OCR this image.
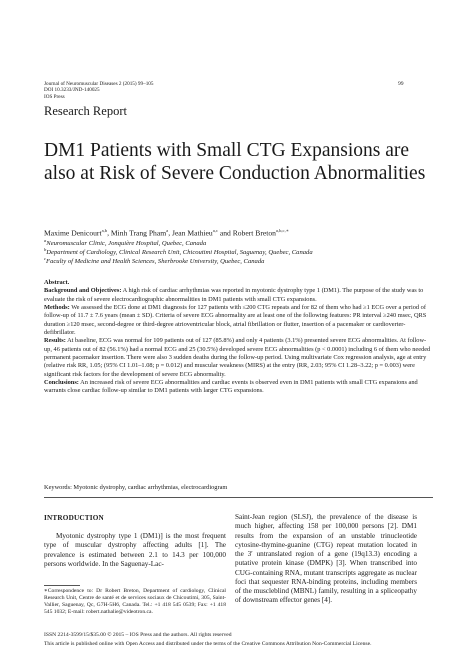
Journal of Neuromuscular Diseases 2 (2015) 99–105
DOI 10.3233/JND-140025
IOS Press
99
Research Report
DM1 Patients with Small CTG Expansions are also at Risk of Severe Conduction Abnormalities
Maxime Denicourt$^{a,b}$, Minh Trang Pham$^a$, Jean Mathieu$^{a,c}$ and Robert Breton$^{a,b,c,∗}$
$^a$Neuromuscular Clinic, Jonquière Hospital, Quebec, Canada
$^b$Department of Cardiology, Clinical Research Unit, Chicoutimi Hospital, Saguenay, Quebec, Canada
$^c$Faculty of Medicine and Health Sciences, Sherbrooke University, Quebec, Canada

Abstract.

Background and Objectives: A high risk of cardiac arrhythmias was reported in myotonic dystrophy type 1 (DM1). The purpose of the study was to evaluate the risk of severe electrocardiographic abnormalities in DM1 patients with small CTG expansions.

Methods: We assessed the ECG done at DM1 diagnosis for 127 patients with ≤200 CTG repeats and for 82 of them who had ≥1 ECG over a period of follow-up of 11.7 ± 7.6 years (mean ± SD). Criteria of severe ECG abnormality are at least one of the following features: PR interval ≥240 msec, QRS duration ≥120 msec, second-degree or third-degree atrioventricular block, atrial fibrillation or flutter, insertion of a pacemaker or cardioverter-defibrillator.

Results: At baseline, ECG was normal for 109 patients out of 127 (85.8%) and only 4 patients (3.1%) presented severe ECG abnormalities. At follow-up, 46 patients out of 82 (56.1%) had a normal ECG and 25 (30.5%) developed severe ECG abnormalities (p < 0.0001) including 6 of them who needed permanent pacemaker insertion. There were also 3 sudden deaths during the follow-up period. Using multivariate Cox regression analysis, age at entry (relative risk RR, 1.05; (95% CI 1.01–1.08; p = 0.012) and muscular weakness (MIRS) at the entry (RR, 2.03; 95% CI 1.28–3.22; p = 0.003) were significant risk factors for the development of severe ECG abnormality.

Conclusions: An increased risk of severe ECG abnormalities and cardiac events is observed even in DM1 patients with small CTG expansions and warrants close cardiac follow-up similar to DM1 patients with larger CTG expansions.

Keywords: Myotonic dystrophy, cardiac arrhythmias, electrocardiogram
INTRODUCTION

Myotonic dystrophy type 1 (DM1)] is the most frequent type of muscular dystrophy affecting adults [1]. The prevalence is estimated between 2.1 to 14.3 per 100,000 persons worldwide. In the Saguenay-Lac-

Saint-Jean region (SLSJ), the prevalence of the disease is much higher, affecting 158 per 100,000 persons [2]. DM1 results from the expansion of an unstable trinucleotide cytosine-thymine-guanine (CTG) repeat mutation located in the 3′ untranslated region of a gene (19q13.3) encoding a putative protein kinase (DMPK) [3]. When transcribed into CUG-containing RNA, mutant transcripts aggregate as nuclear foci that sequester RNA-binding proteins, including members of the muscleblind (MBNL) family, resulting in a spliceopathy of downstream effector genes [4].

∗Correspondence to: Dr Robert Breton, Department of cardiology, Clinical Research Unit, Centre de santé et de services sociaux de Chicoutimi, 305, Saint-Vallier, Saguenay, Qc, G7H-5H6, Canada. Tel.: +1 418 545 0539; Fax: +1 418 545 1032; E-mail: robert.nathalie@videotron.ca.
ISSN 2214-3599/15/$35.00 © 2015 – IOS Press and the authors. All rights reserved
This article is published online with Open Access and distributed under the terms of the Creative Commons Attribution Non-Commercial License.
